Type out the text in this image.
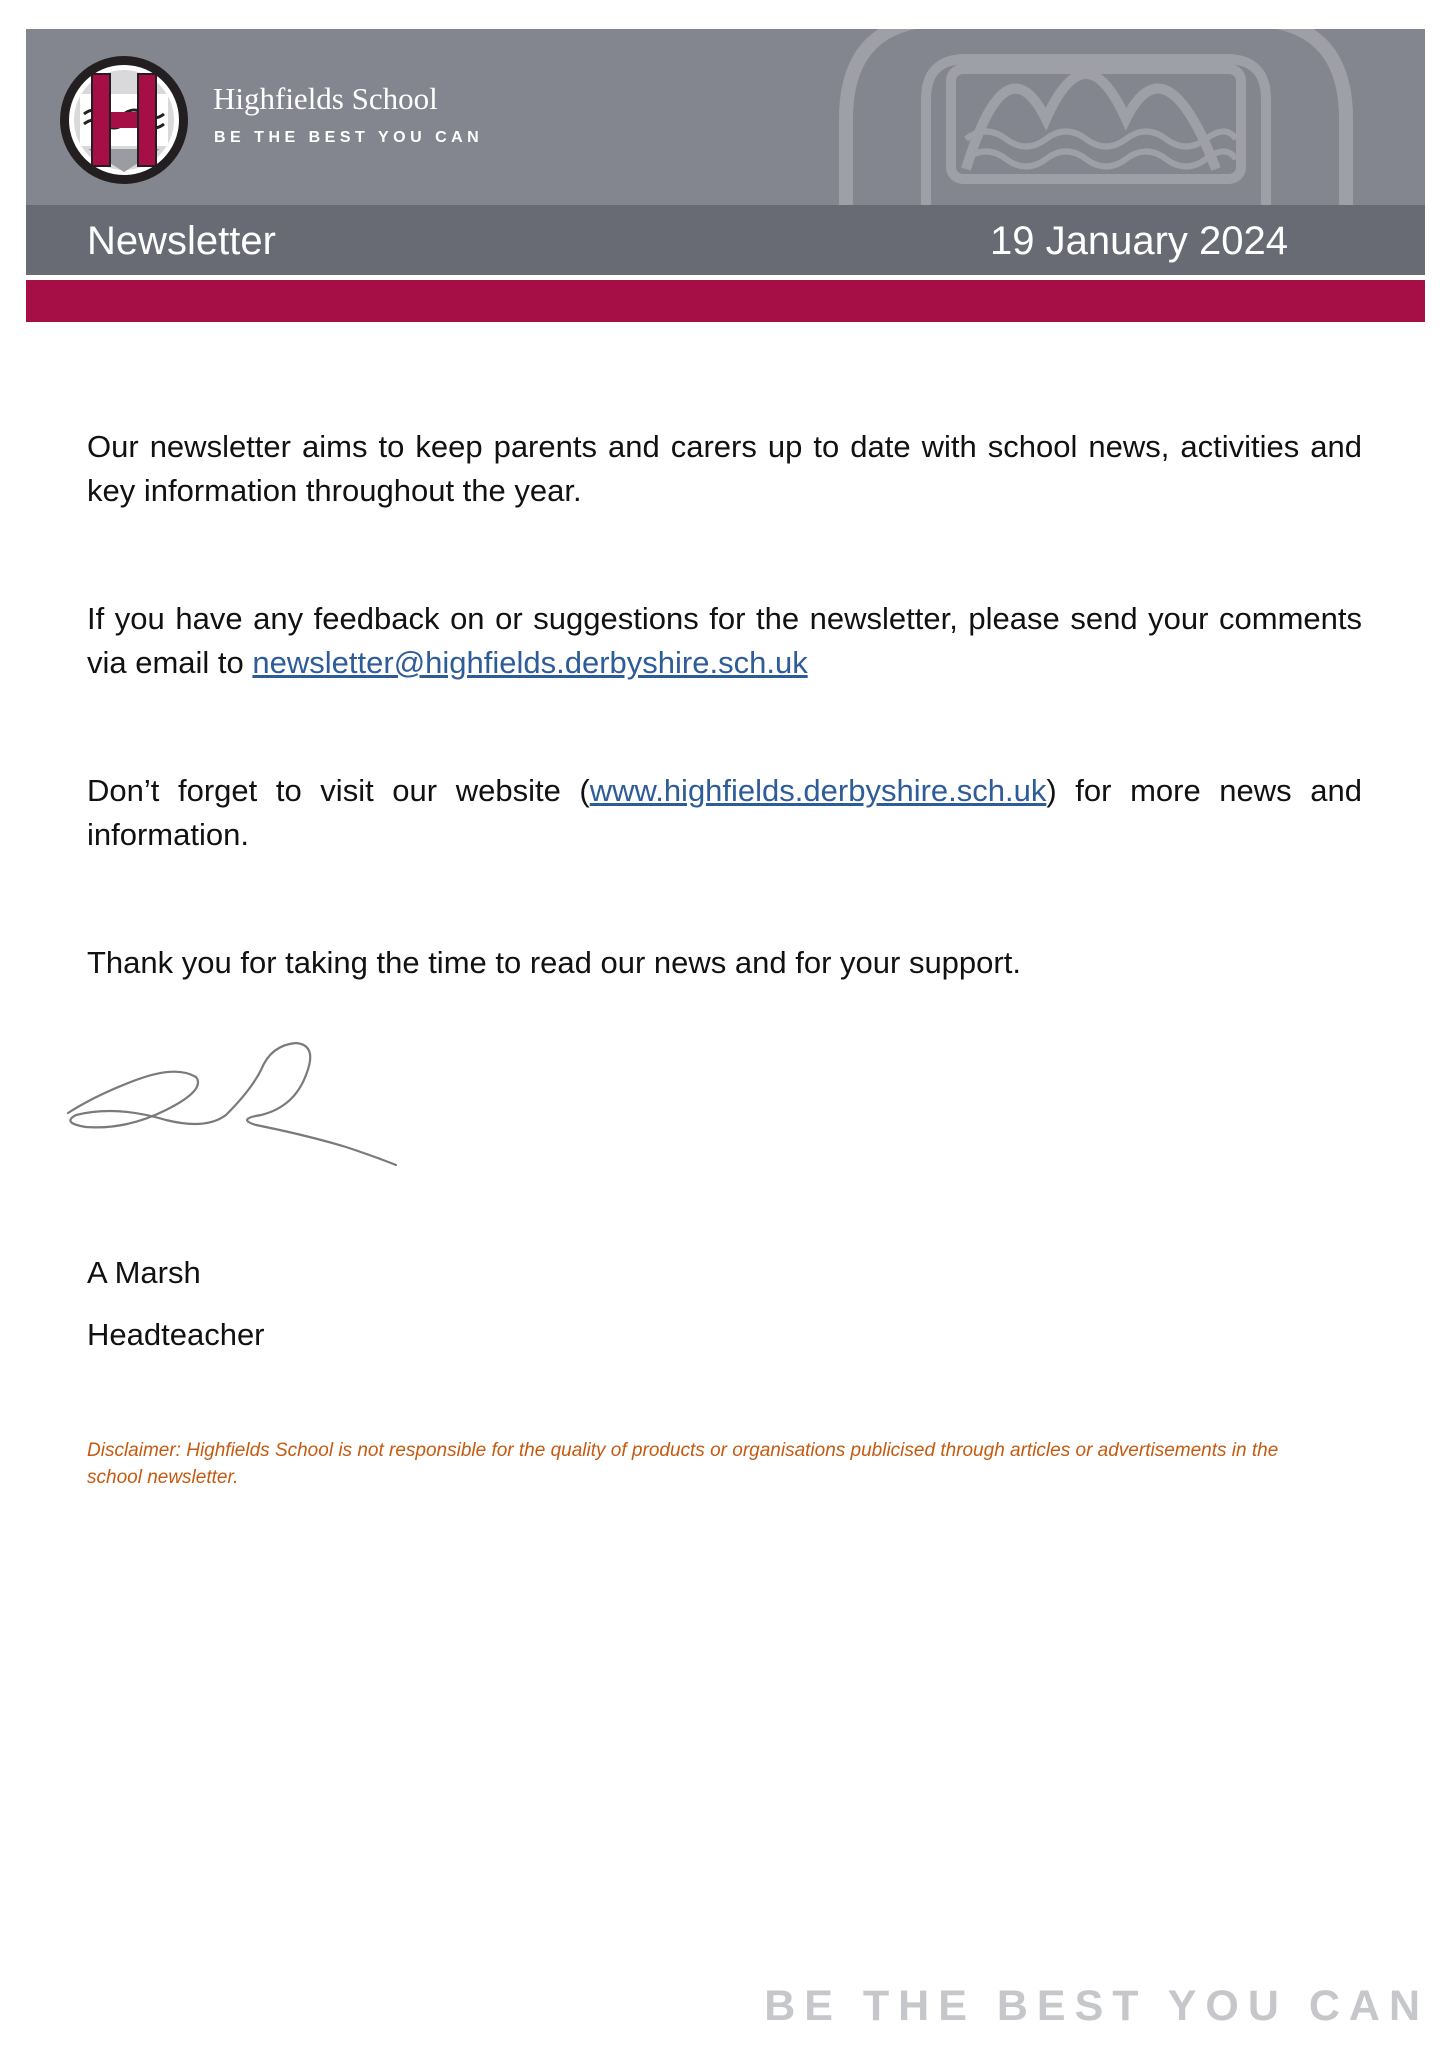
Highfields School
BE THE BEST YOU CAN
Newsletter	19 January 2024

Our newsletter aims to keep parents and carers up to date with school news, activities and key information throughout the year.

If you have any feedback on or suggestions for the newsletter, please send your comments via email to newsletter@highfields.derbyshire.sch.uk

Don’t forget to visit our website (www.highfields.derbyshire.sch.uk) for more news and information.

Thank you for taking the time to read our news and for your support.

A Marsh
Headteacher

Disclaimer: Highfields School is not responsible for the quality of products or organisations publicised through articles or advertisements in the school newsletter.

BE THE BEST YOU CAN
